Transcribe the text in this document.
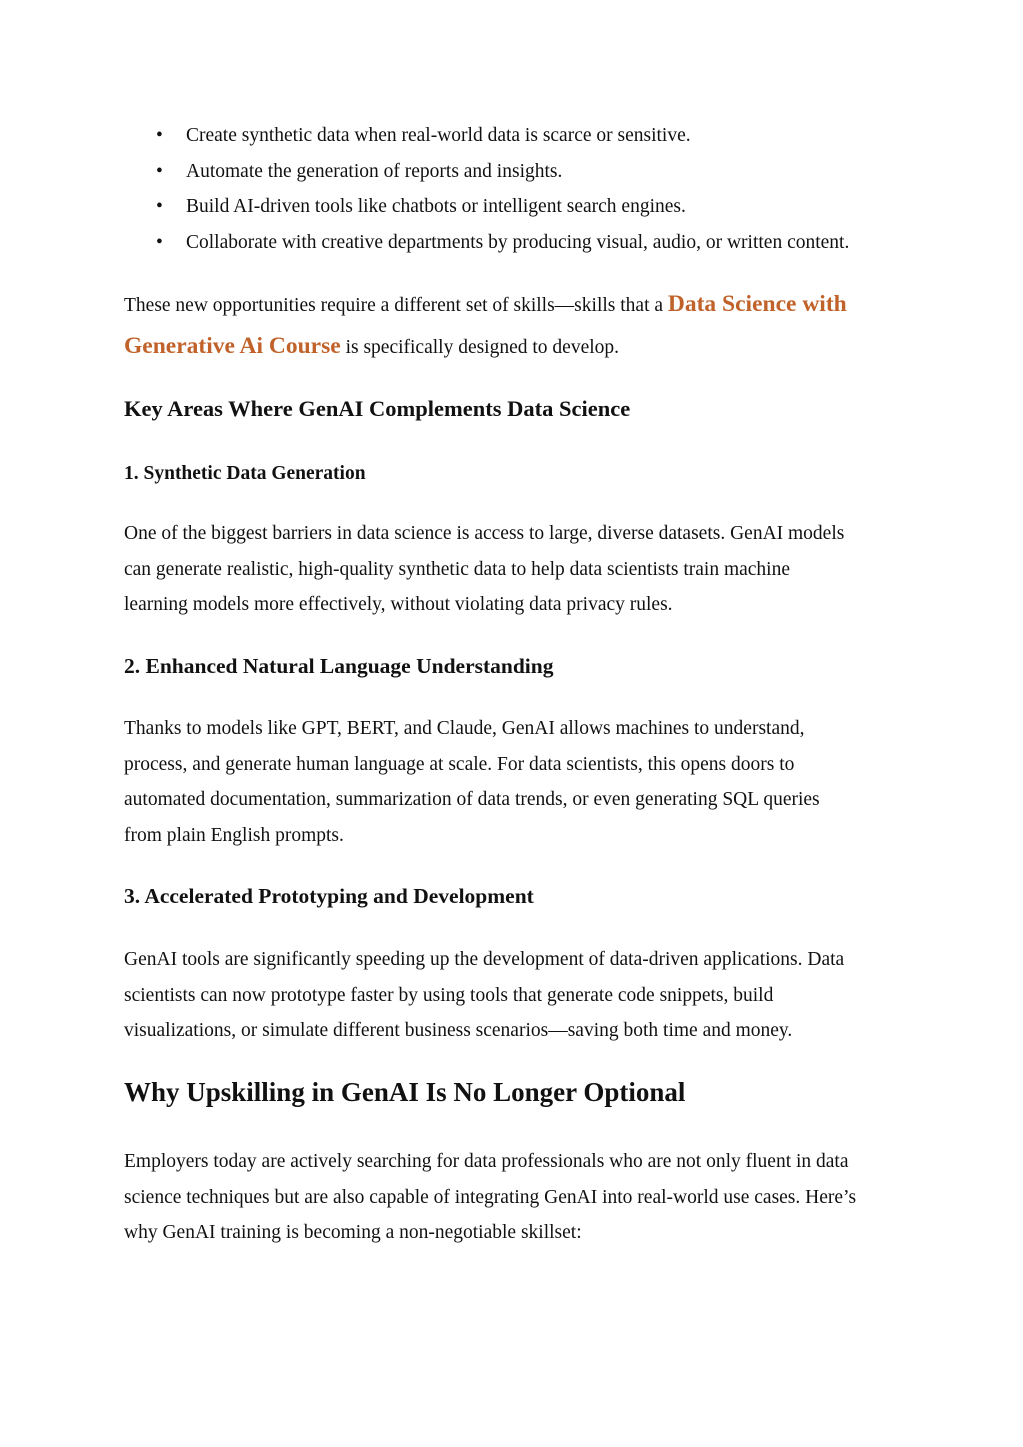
• Create synthetic data when real-world data is scarce or sensitive.
• Automate the generation of reports and insights.
• Build AI-driven tools like chatbots or intelligent search engines.
• Collaborate with creative departments by producing visual, audio, or written content.
These new opportunities require a different set of skills—skills that a Data Science with
Generative Ai Course is specifically designed to develop.
Key Areas Where GenAI Complements Data Science
1. Synthetic Data Generation
One of the biggest barriers in data science is access to large, diverse datasets. GenAI models
can generate realistic, high-quality synthetic data to help data scientists train machine
learning models more effectively, without violating data privacy rules.
2. Enhanced Natural Language Understanding
Thanks to models like GPT, BERT, and Claude, GenAI allows machines to understand,
process, and generate human language at scale. For data scientists, this opens doors to
automated documentation, summarization of data trends, or even generating SQL queries
from plain English prompts.
3. Accelerated Prototyping and Development
GenAI tools are significantly speeding up the development of data-driven applications. Data
scientists can now prototype faster by using tools that generate code snippets, build
visualizations, or simulate different business scenarios—saving both time and money.
Why Upskilling in GenAI Is No Longer Optional
Employers today are actively searching for data professionals who are not only fluent in data
science techniques but are also capable of integrating GenAI into real-world use cases. Here’s
why GenAI training is becoming a non-negotiable skillset:
